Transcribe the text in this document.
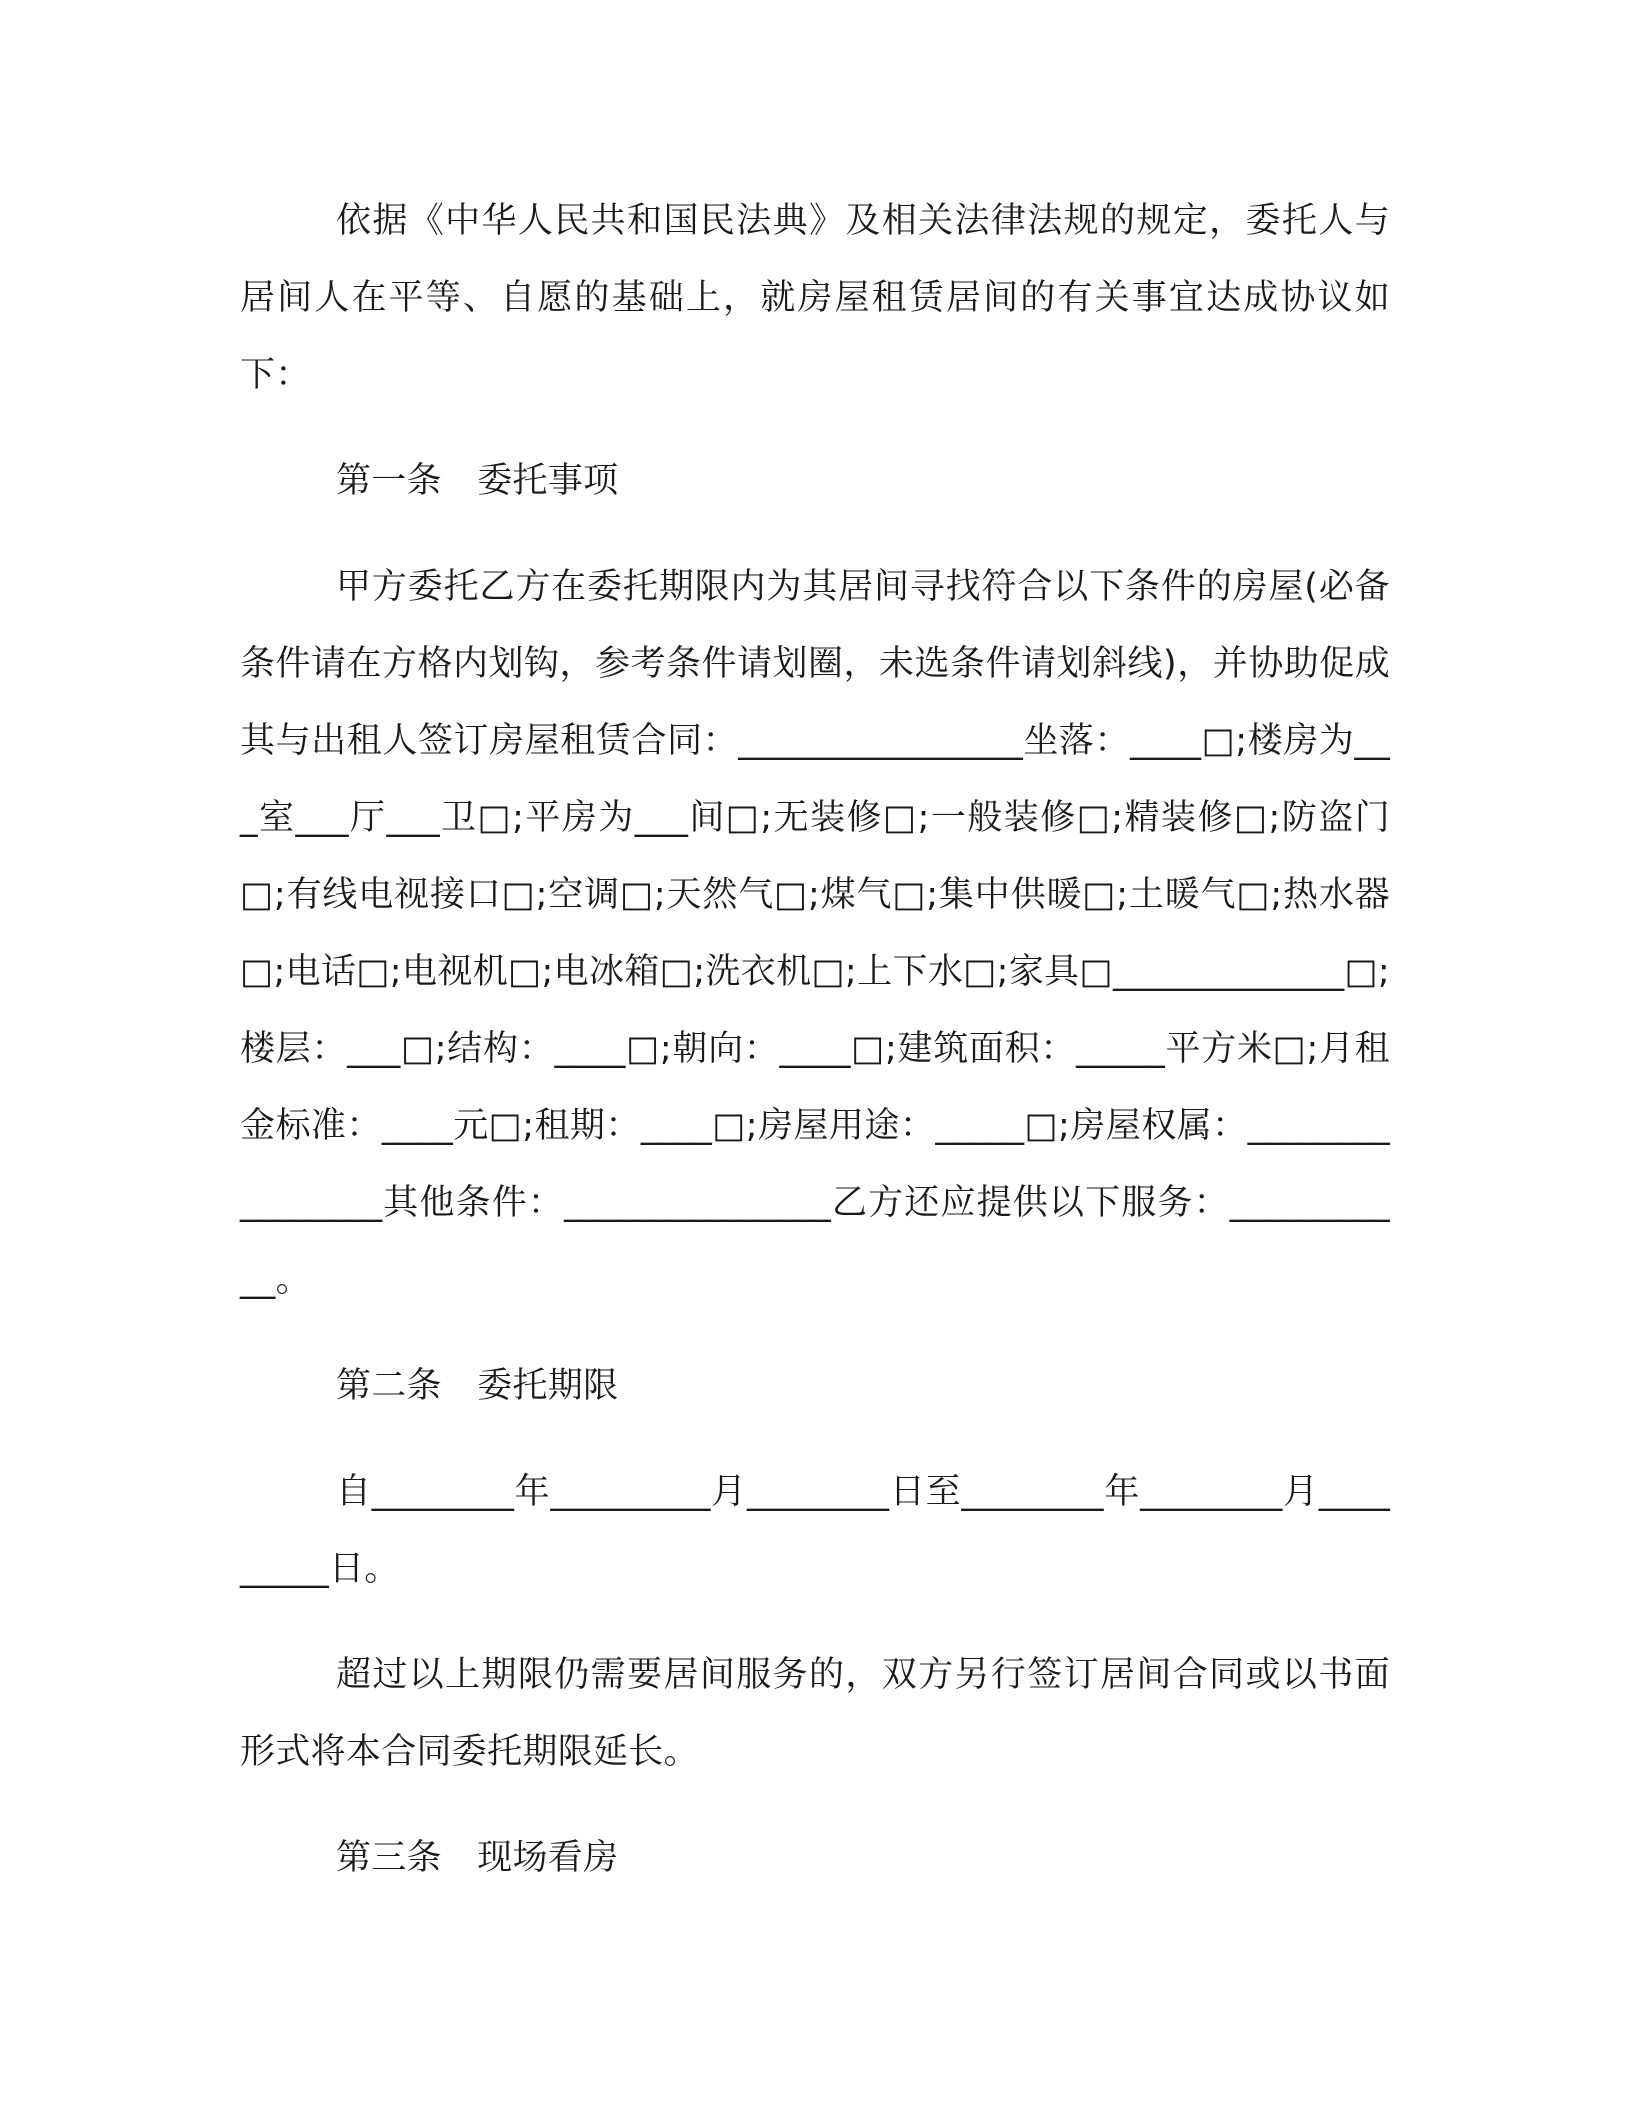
依据《中华人民共和国民法典》及相关法律法规的规定，委托人与居间人在平等、自愿的基础上，就房屋租赁居间的有关事宜达成协议如下：

第一条　委托事项

甲方委托乙方在委托期限内为其居间寻找符合以下条件的房屋(必备条件请在方格内划钩，参考条件请划圈，未选条件请划斜线)，并协助促成其与出租人签订房屋租赁合同：________________坐落：____□;楼房为___室___厅___卫□;平房为___间□;无装修□;一般装修□;精装修□;防盗门□;有线电视接口□;空调□;天然气□;煤气□;集中供暖□;土暖气□;热水器□;电话□;电视机□;电冰箱□;洗衣机□;上下水□;家具□_____________□;楼层：___□;结构：____□;朝向：____□;建筑面积：_____平方米□;月租金标准：____元□;租期：____□;房屋用途：_____□;房屋权属：________________其他条件：_______________乙方还应提供以下服务：___________。

第二条　委托期限

自________年_________月________日至________年________月_________日。

超过以上期限仍需要居间服务的，双方另行签订居间合同或以书面形式将本合同委托期限延长。

第三条　现场看房
